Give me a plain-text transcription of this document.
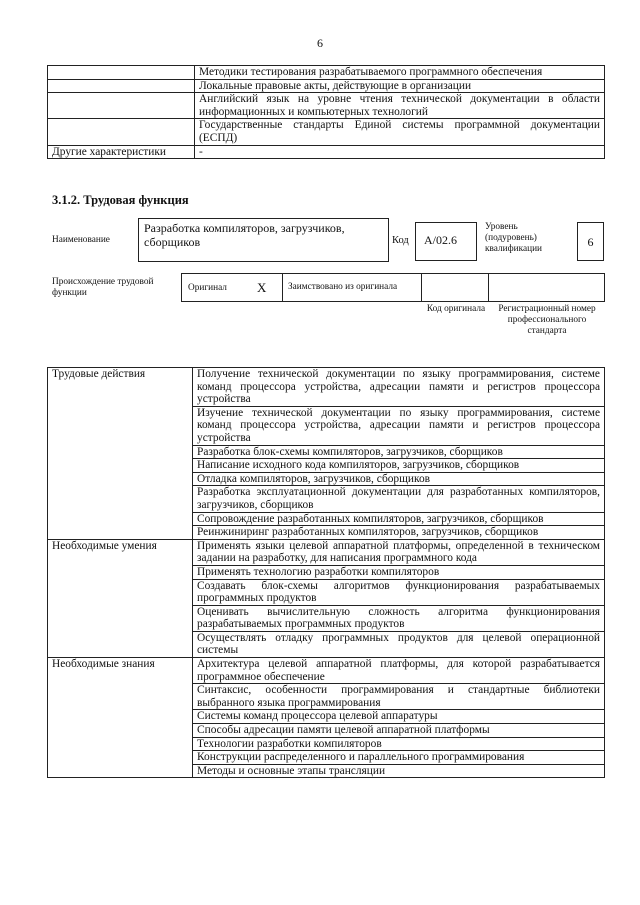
6
	Методики тестирования разрабатываемого программного обеспечения
	Локальные правовые акты, действующие в организации
	Английский язык на уровне чтения технической документации в области информационных и компьютерных технологий
	Государственные стандарты Единой системы программной документации (ЕСПД)
Другие характеристики	-
3.1.2. Трудовая функция
Наименование
Разработка компиляторов, загрузчиков, сборщиков	Код	A/02.6
Уровень (подуровень) квалификации	6
Происхождение трудовой функции	Оригинал X	Заимствовано из оригинала
Код оригинала	Регистрационный номер профессионального стандарта
Трудовые действия	Получение технической документации по языку программирования, системе команд процессора устройства, адресации памяти и регистров процессора устройства
	Изучение технической документации по языку программирования, системе команд процессора устройства, адресации памяти и регистров процессора устройства
	Разработка блок-схемы компиляторов, загрузчиков, сборщиков
	Написание исходного кода компиляторов, загрузчиков, сборщиков
	Отладка компиляторов, загрузчиков, сборщиков
	Разработка эксплуатационной документации для разработанных компиляторов, загрузчиков, сборщиков
	Сопровождение разработанных компиляторов, загрузчиков, сборщиков
	Реинжиниринг разработанных компиляторов, загрузчиков, сборщиков
Необходимые умения	Применять языки целевой аппаратной платформы, определенной в техническом задании на разработку, для написания программного кода
	Применять технологию разработки компиляторов
	Создавать блок-схемы алгоритмов функционирования разрабатываемых программных продуктов
	Оценивать вычислительную сложность алгоритма функционирования разрабатываемых программных продуктов
	Осуществлять отладку программных продуктов для целевой операционной системы
Необходимые знания	Архитектура целевой аппаратной платформы, для которой разрабатывается программное обеспечение
	Синтаксис, особенности программирования и стандартные библиотеки выбранного языка программирования
	Системы команд процессора целевой аппаратуры
	Способы адресации памяти целевой аппаратной платформы
	Технологии разработки компиляторов
	Конструкции распределенного и параллельного программирования
	Методы и основные этапы трансляции
